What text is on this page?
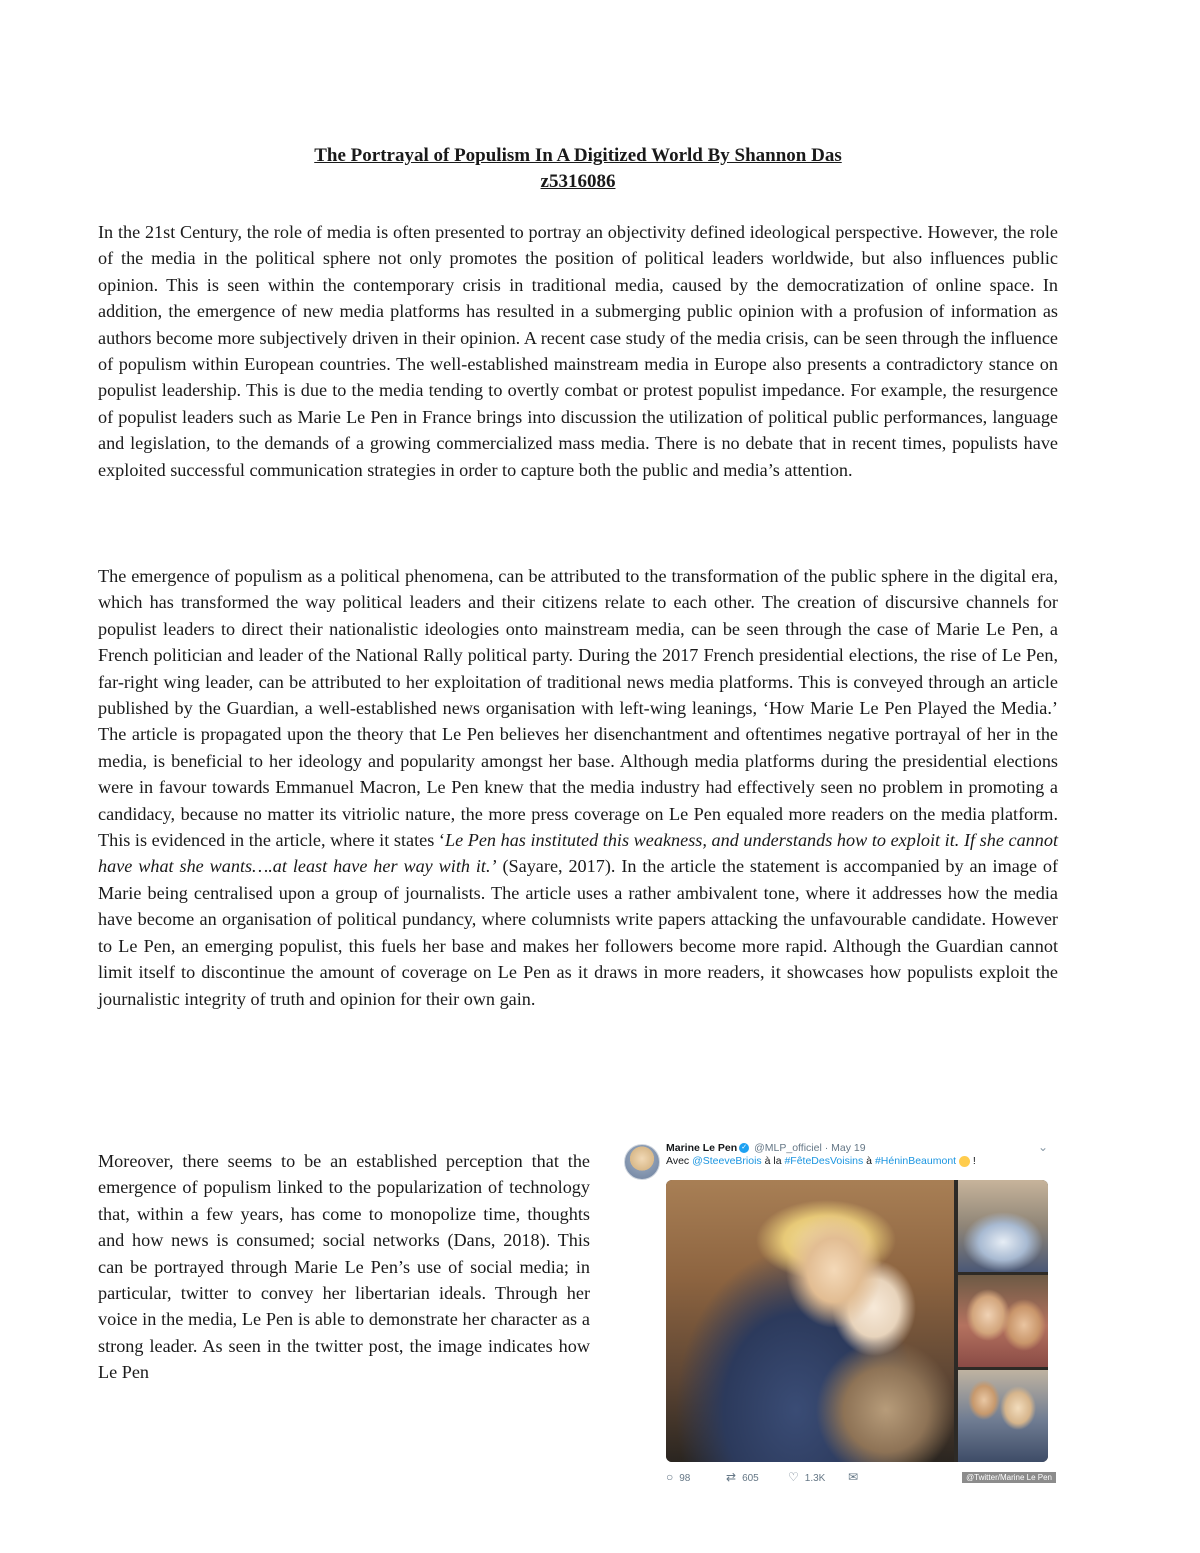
The Portrayal of Populism In A Digitized World By Shannon Das
z5316086

In the 21st Century, the role of media is often presented to portray an objectivity defined ideological perspective. However, the role of the media in the political sphere not only promotes the position of political leaders worldwide, but also influences public opinion. This is seen within the contemporary crisis in traditional media, caused by the democratization of online space. In addition, the emergence of new media platforms has resulted in a submerging public opinion with a profusion of information as authors become more subjectively driven in their opinion. A recent case study of the media crisis, can be seen through the influence of populism within European countries. The well-established mainstream media in Europe also presents a contradictory stance on populist leadership. This is due to the media tending to overtly combat or protest populist impedance. For example, the resurgence of populist leaders such as Marie Le Pen in France brings into discussion the utilization of political public performances, language and legislation, to the demands of a growing commercialized mass media. There is no debate that in recent times, populists have exploited successful communication strategies in order to capture both the public and media’s attention.

The emergence of populism as a political phenomena, can be attributed to the transformation of the public sphere in the digital era, which has transformed the way political leaders and their citizens relate to each other. The creation of discursive channels for populist leaders to direct their nationalistic ideologies onto mainstream media, can be seen through the case of Marie Le Pen, a French politician and leader of the National Rally political party. During the 2017 French presidential elections, the rise of Le Pen, far-right wing leader, can be attributed to her exploitation of traditional news media platforms. This is conveyed through an article published by the Guardian, a well-established news organisation with left-wing leanings, ‘How Marie Le Pen Played the Media.’ The article is propagated upon the theory that Le Pen believes her disenchantment and oftentimes negative portrayal of her in the media, is beneficial to her ideology and popularity amongst her base. Although media platforms during the presidential elections were in favour towards Emmanuel Macron, Le Pen knew that the media industry had effectively seen no problem in promoting a candidacy, because no matter its vitriolic nature, the more press coverage on Le Pen equaled more readers on the media platform. This is evidenced in the article, where it states ‘Le Pen has instituted this weakness, and understands how to exploit it. If she cannot have what she wants….at least have her way with it.’ (Sayare, 2017). In the article the statement is accompanied by an image of Marie being centralised upon a group of journalists. The article uses a rather ambivalent tone, where it addresses how the media have become an organisation of political pundancy, where columnists write papers attacking the unfavourable candidate. However to Le Pen, an emerging populist, this fuels her base and makes her followers become more rapid. Although the Guardian cannot limit itself to discontinue the amount of coverage on Le Pen as it draws in more readers, it showcases how populists exploit the journalistic integrity of truth and opinion for their own gain.

Moreover, there seems to be an established perception that the emergence of populism linked to the popularization of technology that, within a few years, has come to monopolize time, thoughts and how news is consumed; social networks (Dans, 2018). This can be portrayed through Marie Le Pen’s use of social media; in particular, twitter to convey her libertarian ideals. Through her voice in the media, Le Pen is able to demonstrate her character as a strong leader. As seen in the twitter post, the image indicates how Le Pen

Marine Le Pen ✓ @MLP_officiel · May 19
Avec @SteeveBriois à la #FêteDesVoisins à #HéninBeaumont  !
⌄
○ 98	⇄ 605 ♡ 1.3K ✉	@Twitter/Marine Le Pen
